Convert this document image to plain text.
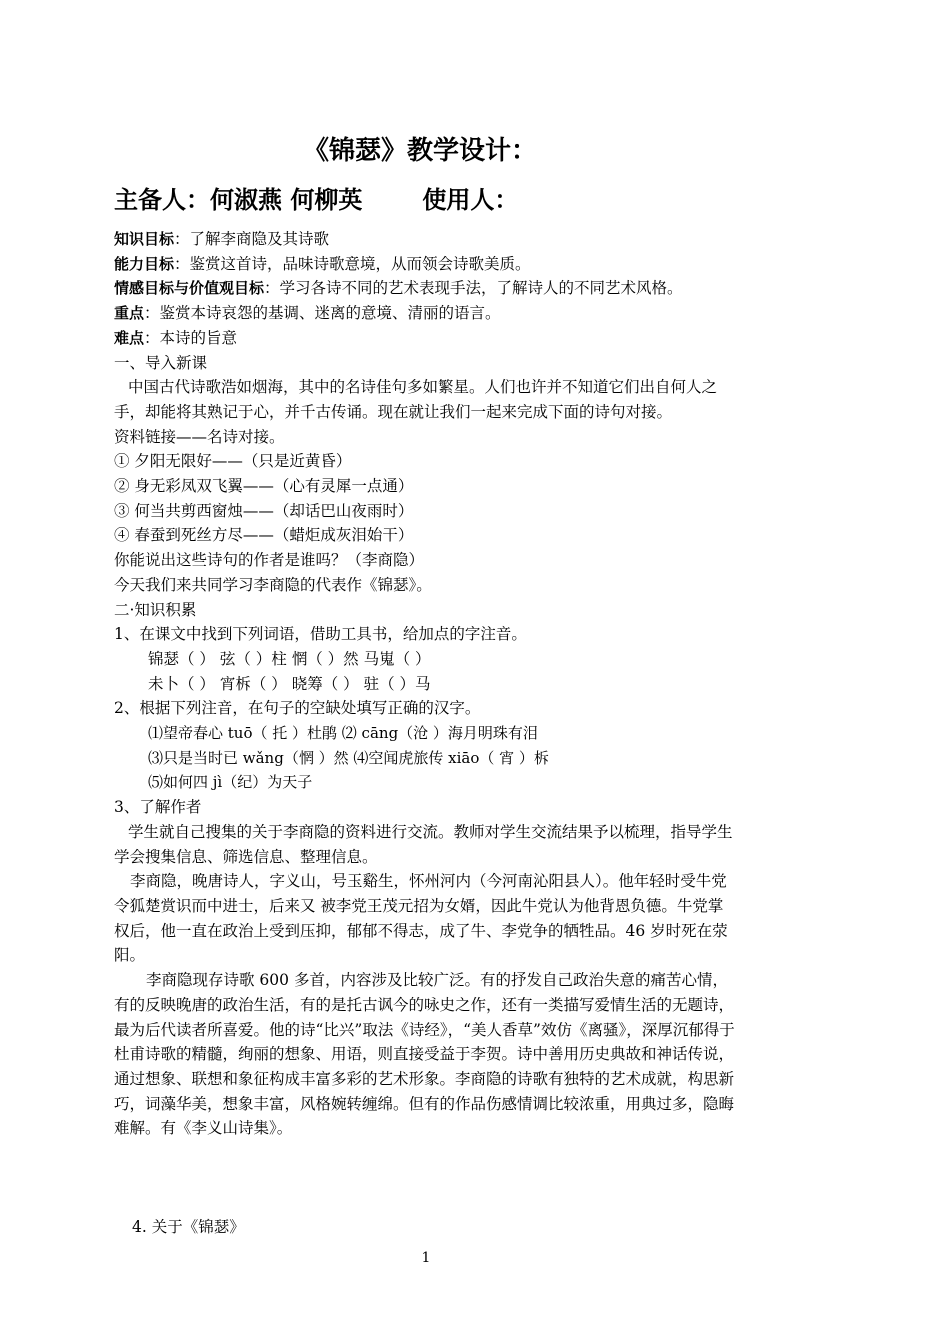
《锦瑟》教学设计：
主备人：何淑燕 何柳英	使用人：

知识目标：了解李商隐及其诗歌

能力目标：鉴赏这首诗，品味诗歌意境，从而领会诗歌美质。

情感目标与价值观目标：学习各诗不同的艺术表现手法，了解诗人的不同艺术风格。

重点：鉴赏本诗哀怨的基调、迷离的意境、清丽的语言。

难点：本诗的旨意

一、导入新课

中国古代诗歌浩如烟海，其中的名诗佳句多如繁星。人们也许并不知道它们出自何人之手，却能将其熟记于心，并千古传诵。现在就让我们一起来完成下面的诗句对接。

资料链接——名诗对接。

① 夕阳无限好——（只是近黄昏）

② 身无彩凤双飞翼——（心有灵犀一点通）

③ 何当共剪西窗烛——（却话巴山夜雨时）

④ 春蚕到死丝方尽——（蜡炬成灰泪始干）

你能说出这些诗句的作者是谁吗？（李商隐）

今天我们来共同学习李商隐的代表作《锦瑟》。

二·知识积累

1、在课文中找到下列词语，借助工具书，给加点的字注音。

锦瑟（ ） 弦（ ）柱 惘（ ）然 马嵬（ ）

未卜（ ） 宵柝（ ） 晓筹（ ） 驻（ ）马

2、根据下列注音，在句子的空缺处填写正确的汉字。

⑴望帝春心 tuō（ 托 ）杜鹃 ⑵ cāng（沧 ）海月明珠有泪

⑶只是当时已 wǎng（惘 ）然 ⑷空闻虎旅传 xiāo（ 宵 ）柝

⑸如何四 jì（纪）为天子

3、了解作者

学生就自己搜集的关于李商隐的资料进行交流。教师对学生交流结果予以梳理，指导学生学会搜集信息、筛选信息、整理信息。

李商隐，晚唐诗人，字义山，号玉谿生，怀州河内（今河南沁阳县人）。他年轻时受牛党令狐楚赏识而中进士，后来又 被李党王茂元招为女婿，因此牛党认为他背恩负德。牛党掌权后，他一直在政治上受到压抑，郁郁不得志，成了牛、李党争的牺牲品。46 岁时死在荥阳。

李商隐现存诗歌 600 多首，内容涉及比较广泛。有的抒发自己政治失意的痛苦心情，有的反映晚唐的政治生活，有的是托古讽今的咏史之作，还有一类描写爱情生活的无题诗，最为后代读者所喜爱。他的诗“比兴”取法《诗经》，“美人香草”效仿《离骚》，深厚沉郁得于杜甫诗歌的精髓，绚丽的想象、用语，则直接受益于李贺。诗中善用历史典故和神话传说，通过想象、联想和象征构成丰富多彩的艺术形象。李商隐的诗歌有独特的艺术成就，构思新巧，词藻华美，想象丰富，风格婉转缠绵。但有的作品伤感情调比较浓重，用典过多，隐晦难解。有《李义山诗集》。

4. 关于《锦瑟》
1
